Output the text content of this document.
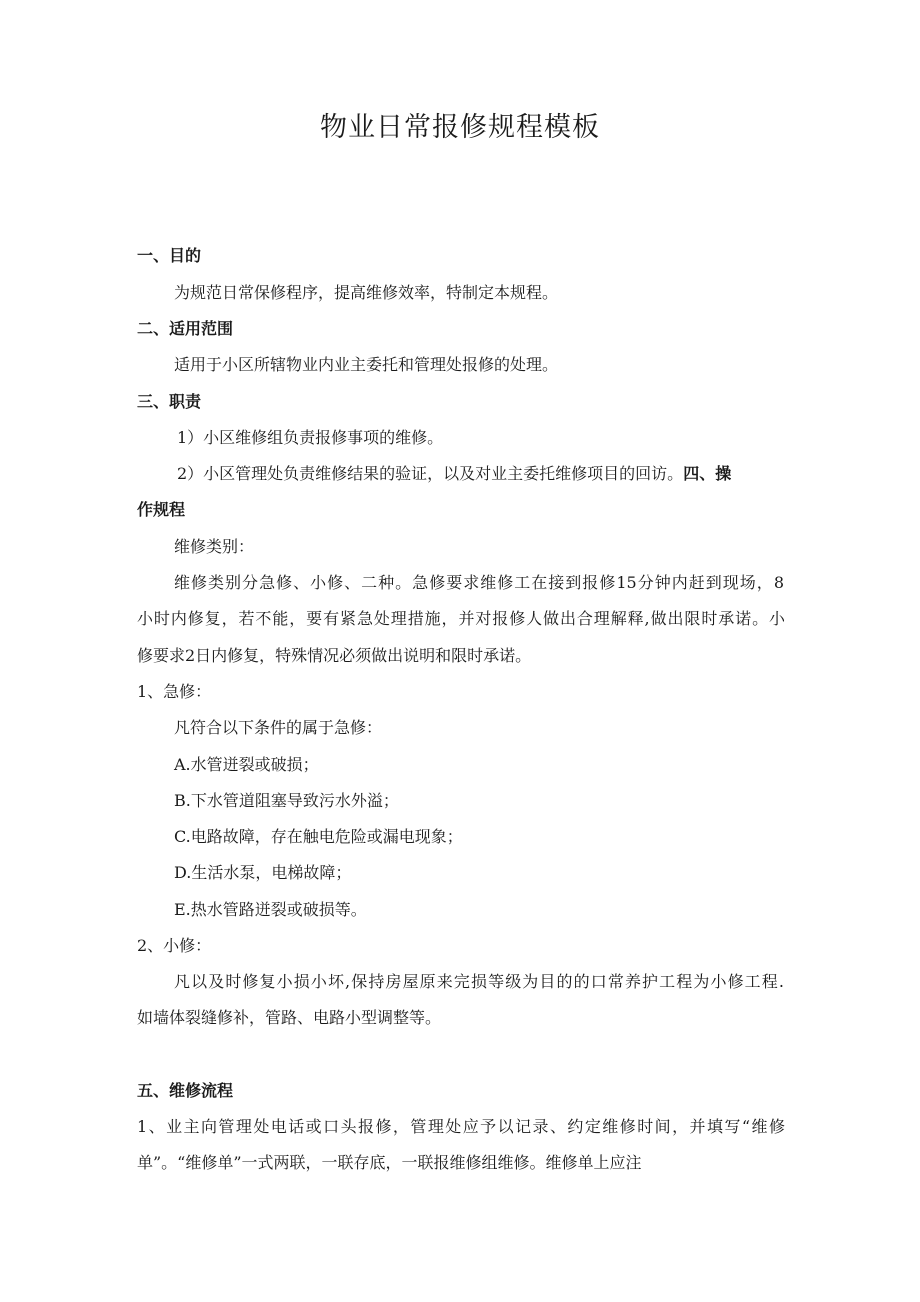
物业日常报修规程模板
一、目的
为规范日常保修程序，提高维修效率，特制定本规程。
二、适用范围
适用于小区所辖物业内业主委托和管理处报修的处理。
三、职责
1）小区维修组负责报修事项的维修。
2）小区管理处负责维修结果的验证，以及对业主委托维修项目的回访。四、操
作规程
维修类别：
维修类别分急修、小修、二种。急修要求维修工在接到报修15分钟内赶到现场，8
小时内修复，若不能，要有紧急处理措施，并对报修人做出合理解释,做出限时承诺。小
修要求2日内修复，特殊情况必须做出说明和限时承诺。
1、急修：
凡符合以下条件的属于急修：
A.水管迸裂或破损；
B.下水管道阻塞导致污水外溢；
C.电路故障，存在触电危险或漏电现象；
D.生活水泵，电梯故障；
E.热水管路迸裂或破损等。
2、小修：
凡以及时修复小损小坏,保持房屋原来完损等级为目的的口常养护工程为小修工程.
如墙体裂缝修补，管路、电路小型调整等。
五、维修流程
1、业主向管理处电话或口头报修，管理处应予以记录、约定维修时间，并填写“维修
单”。“维修单”一式两联，一联存底，一联报维修组维修。维修单上应注
